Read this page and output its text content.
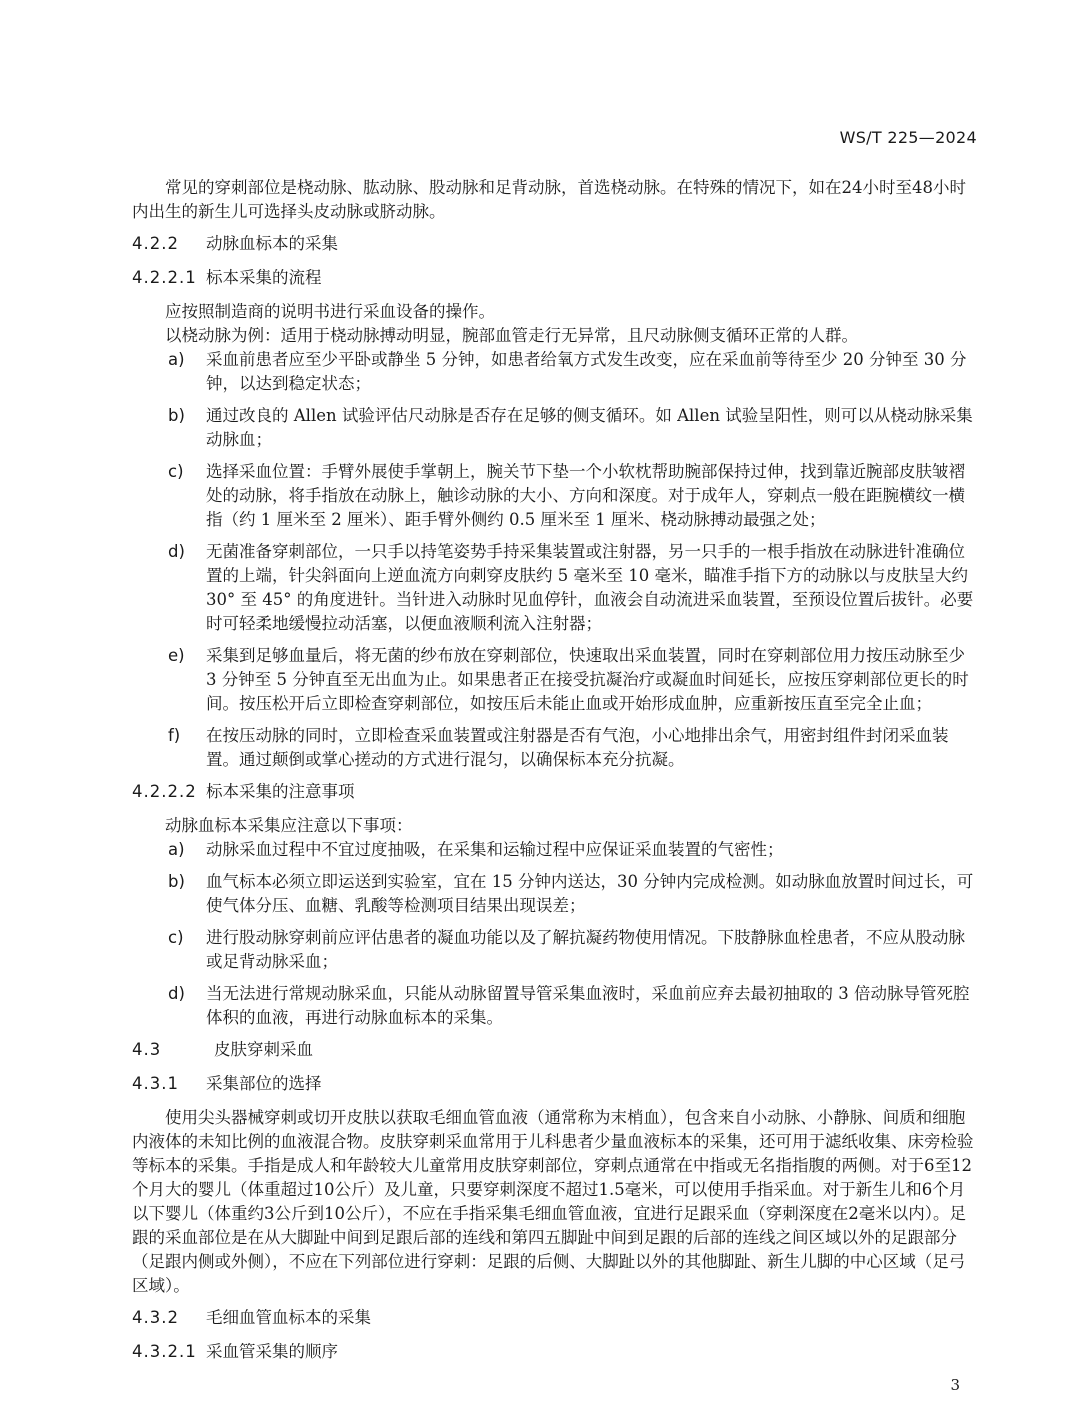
WS/T 225—2024

常见的穿刺部位是桡动脉、肱动脉、股动脉和足背动脉，首选桡动脉。在特殊的情况下，如在24小时至48小时内出生的新生儿可选择头皮动脉或脐动脉。

4.2.2 动脉血标本的采集
4.2.2.1 标本采集的流程

应按照制造商的说明书进行采血设备的操作。

以桡动脉为例：适用于桡动脉搏动明显，腕部血管走行无异常，且尺动脉侧支循环正常的人群。

a) 采血前患者应至少平卧或静坐 5 分钟，如患者给氧方式发生改变，应在采血前等待至少 20 分钟至 30 分钟，以达到稳定状态；
b) 通过改良的 Allen 试验评估尺动脉是否存在足够的侧支循环。如 Allen 试验呈阳性，则可以从桡动脉采集动脉血；
c) 选择采血位置：手臂外展使手掌朝上，腕关节下垫一个小软枕帮助腕部保持过伸，找到靠近腕部皮肤皱褶处的动脉，将手指放在动脉上，触诊动脉的大小、方向和深度。对于成年人，穿刺点一般在距腕横纹一横指（约 1 厘米至 2 厘米）、距手臂外侧约 0.5 厘米至 1 厘米、桡动脉搏动最强之处；
d) 无菌准备穿刺部位，一只手以持笔姿势手持采集装置或注射器，另一只手的一根手指放在动脉进针准确位置的上端，针尖斜面向上逆血流方向刺穿皮肤约 5 毫米至 10 毫米，瞄准手指下方的动脉以与皮肤呈大约 30° 至 45° 的角度进针。当针进入动脉时见血停针，血液会自动流进采血装置，至预设位置后拔针。必要时可轻柔地缓慢拉动活塞，以便血液顺利流入注射器；
e) 采集到足够血量后，将无菌的纱布放在穿刺部位，快速取出采血装置，同时在穿刺部位用力按压动脉至少 3 分钟至 5 分钟直至无出血为止。如果患者正在接受抗凝治疗或凝血时间延长，应按压穿刺部位更长的时间。按压松开后立即检查穿刺部位，如按压后未能止血或开始形成血肿，应重新按压直至完全止血；
f) 在按压动脉的同时，立即检查采血装置或注射器是否有气泡，小心地排出余气，用密封组件封闭采血装置。通过颠倒或掌心搓动的方式进行混匀，以确保标本充分抗凝。
4.2.2.2 标本采集的注意事项

动脉血标本采集应注意以下事项：

a) 动脉采血过程中不宜过度抽吸，在采集和运输过程中应保证采血装置的气密性；
b) 血气标本必须立即运送到实验室，宜在 15 分钟内送达，30 分钟内完成检测。如动脉血放置时间过长，可使气体分压、血糖、乳酸等检测项目结果出现误差；
c) 进行股动脉穿刺前应评估患者的凝血功能以及了解抗凝药物使用情况。下肢静脉血栓患者，不应从股动脉或足背动脉采血；
d) 当无法进行常规动脉采血，只能从动脉留置导管采集血液时，采血前应弃去最初抽取的 3 倍动脉导管死腔体积的血液，再进行动脉血标本的采集。
4.3	皮肤穿刺采血
4.3.1 采集部位的选择

使用尖头器械穿刺或切开皮肤以获取毛细血管血液（通常称为末梢血），包含来自小动脉、小静脉、间质和细胞内液体的未知比例的血液混合物。皮肤穿刺采血常用于儿科患者少量血液标本的采集，还可用于滤纸收集、床旁检验等标本的采集。手指是成人和年龄较大儿童常用皮肤穿刺部位，穿刺点通常在中指或无名指指腹的两侧。对于6至12个月大的婴儿（体重超过10公斤）及儿童，只要穿刺深度不超过1.5毫米，可以使用手指采血。对于新生儿和6个月以下婴儿（体重约3公斤到10公斤），不应在手指采集毛细血管血液，宜进行足跟采血（穿刺深度在2毫米以内）。足跟的采血部位是在从大脚趾中间到足跟后部的连线和第四五脚趾中间到足跟的后部的连线之间区域以外的足跟部分（足跟内侧或外侧），不应在下列部位进行穿刺：足跟的后侧、大脚趾以外的其他脚趾、新生儿脚的中心区域（足弓区域）。

4.3.2 毛细血管血标本的采集
4.3.2.1 采血管采集的顺序
3
